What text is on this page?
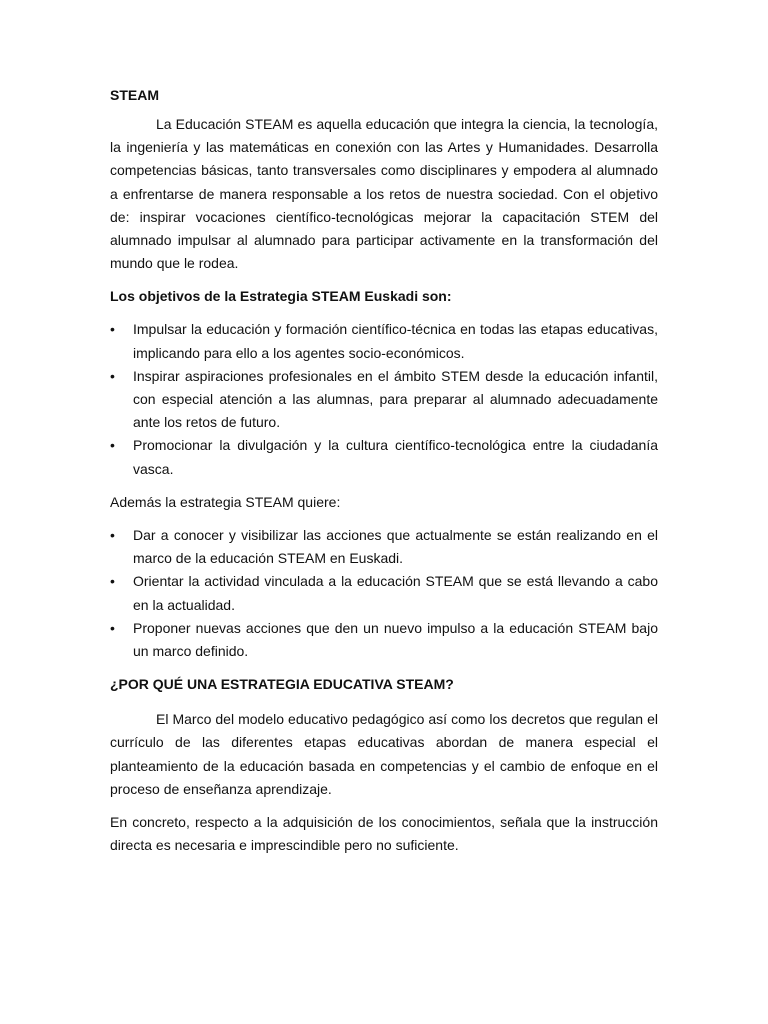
STEAM

La Educación STEAM es aquella educación que integra la ciencia, la tecnología, la ingeniería y las matemáticas en conexión con las Artes y Humanidades. Desarrolla competencias básicas, tanto transversales como disciplinares y empodera al alumnado a enfrentarse de manera responsable a los retos de nuestra sociedad. Con el objetivo de: inspirar vocaciones científico-tecnológicas mejorar la capacitación STEM del alumnado impulsar al alumnado para participar activamente en la transformación del mundo que le rodea.

Los objetivos de la Estrategia STEAM Euskadi son:
•	Impulsar la educación y formación científico-técnica en todas las etapas educativas, implicando para ello a los agentes socio-económicos.
•	Inspirar aspiraciones profesionales en el ámbito STEM desde la educación infantil, con especial atención a las alumnas, para preparar al alumnado adecuadamente ante los retos de futuro.
•	Promocionar la divulgación y la cultura científico-tecnológica entre la ciudadanía vasca.

Además la estrategia STEAM quiere:

•	Dar a conocer y visibilizar las acciones que actualmente se están realizando en el marco de la educación STEAM en Euskadi.
•	Orientar la actividad vinculada a la educación STEAM que se está llevando a cabo en la actualidad.
•	Proponer nuevas acciones que den un nuevo impulso a la educación STEAM bajo un marco definido.
¿POR QUÉ UNA ESTRATEGIA EDUCATIVA STEAM?

El Marco del modelo educativo pedagógico así como los decretos que regulan el currículo de las diferentes etapas educativas abordan de manera especial el planteamiento de la educación basada en competencias y el cambio de enfoque en el proceso de enseñanza aprendizaje.

En concreto, respecto a la adquisición de los conocimientos, señala que la instrucción directa es necesaria e imprescindible pero no suficiente.
